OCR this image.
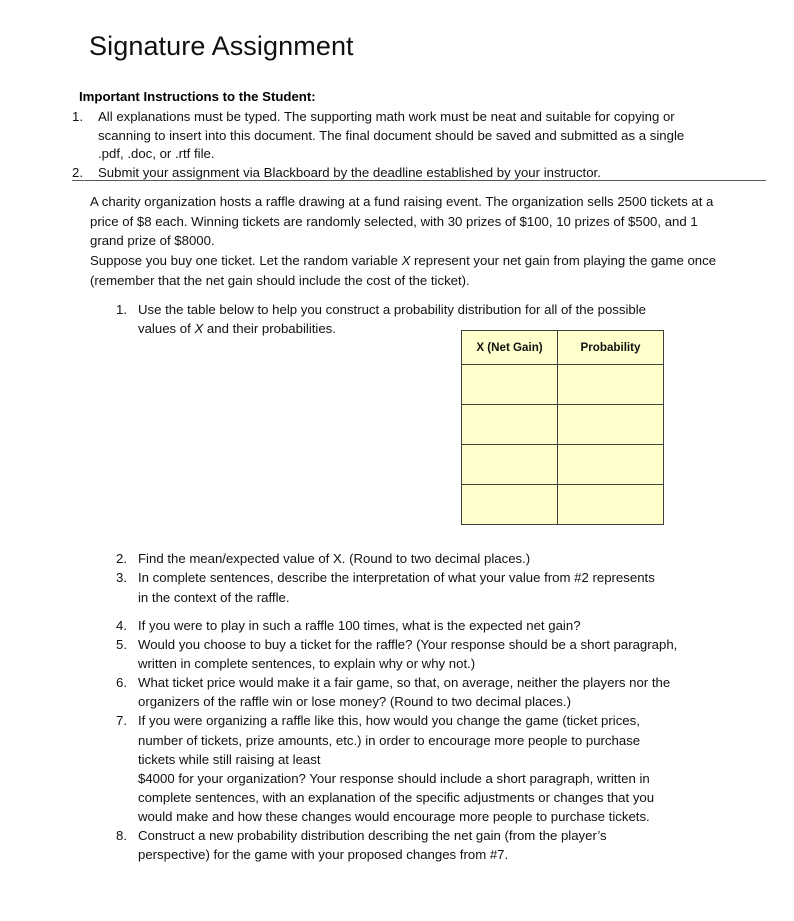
Signature Assignment
Important Instructions to the Student:
1.	All explanations must be typed. The supporting math work must be neat and suitable for copying or scanning to insert into this document. The final document should be saved and submitted as a single .pdf, .doc, or .rtf file.
2.	Submit your assignment via Blackboard by the deadline established by your instructor.

A charity organization hosts a raffle drawing at a fund raising event. The organization sells 2500 tickets at a price of $8 each. Winning tickets are randomly selected, with 30 prizes of $100, 10 prizes of $500, and 1 grand prize of $8000.

Suppose you buy one ticket. Let the random variable X represent your net gain from playing the game once (remember that the net gain should include the cost of the ticket).

1. Use the table below to help you construct a probability distribution for all of the possible
values of X and their probabilities.
2. Find the mean/expected value of X. (Round to two decimal places.)
3. In complete sentences, describe the interpretation of what your value from #2 represents
in the context of the raffle.
4. If you were to play in such a raffle 100 times, what is the expected net gain?
5. Would you choose to buy a ticket for the raffle? (Your response should be a short paragraph,
written in complete sentences, to explain why or why not.)
6. What ticket price would make it a fair game, so that, on average, neither the players nor the
organizers of the raffle win or lose money? (Round to two decimal places.)
7. If you were organizing a raffle like this, how would you change the game (ticket prices,
number of tickets, prize amounts, etc.) in order to encourage more people to purchase
tickets while still raising at least
$4000 for your organization? Your response should include a short paragraph, written in
complete sentences, with an explanation of the specific adjustments or changes that you
would make and how these changes would encourage more people to purchase tickets.
8. Construct a new probability distribution describing the net gain (from the player’s
perspective) for the game with your proposed changes from #7.
X (Net Gain)	Probability
